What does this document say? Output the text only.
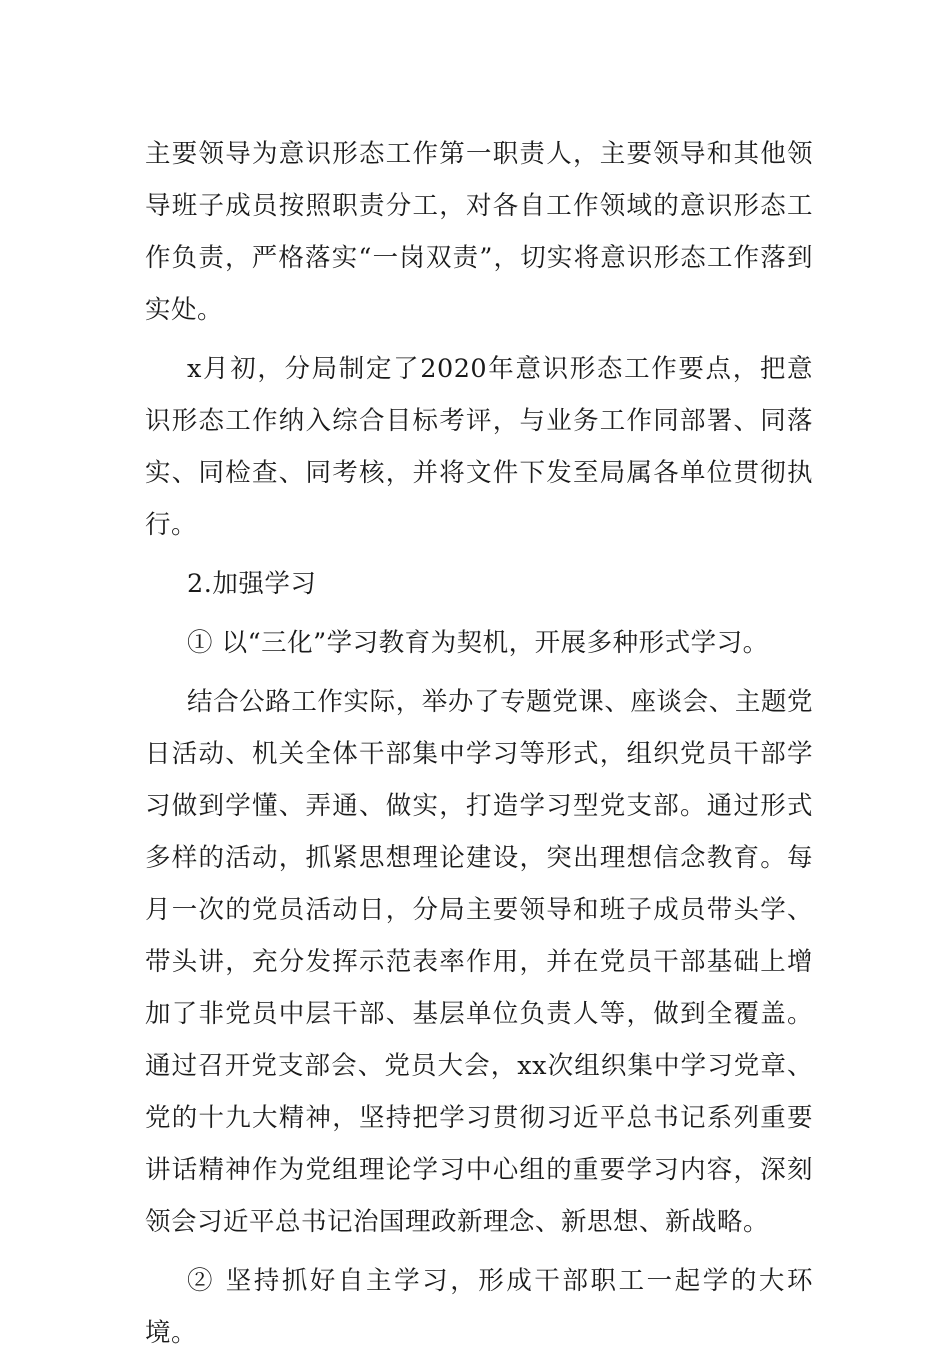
主要领导为意识形态工作第一职责人，主要领导和其他领导班子成员按照职责分工，对各自工作领域的意识形态工作负责，严格落实“一岗双责”，切实将意识形态工作落到实处。

x月初，分局制定了2020年意识形态工作要点，把意识形态工作纳入综合目标考评，与业务工作同部署、同落实、同检查、同考核，并将文件下发至局属各单位贯彻执行。

2.加强学习

① 以“三化”学习教育为契机，开展多种形式学习。

结合公路工作实际，举办了专题党课、座谈会、主题党日活动、机关全体干部集中学习等形式，组织党员干部学习做到学懂、弄通、做实，打造学习型党支部。通过形式多样的活动，抓紧思想理论建设，突出理想信念教育。每月一次的党员活动日，分局主要领导和班子成员带头学、带头讲，充分发挥示范表率作用，并在党员干部基础上增加了非党员中层干部、基层单位负责人等，做到全覆盖。通过召开党支部会、党员大会，xx次组织集中学习党章、党的十九大精神，坚持把学习贯彻习近平总书记系列重要讲话精神作为党组理论学习中心组的重要学习内容，深刻领会习近平总书记治国理政新理念、新思想、新战略。

② 坚持抓好自主学习，形成干部职工一起学的大环境。
